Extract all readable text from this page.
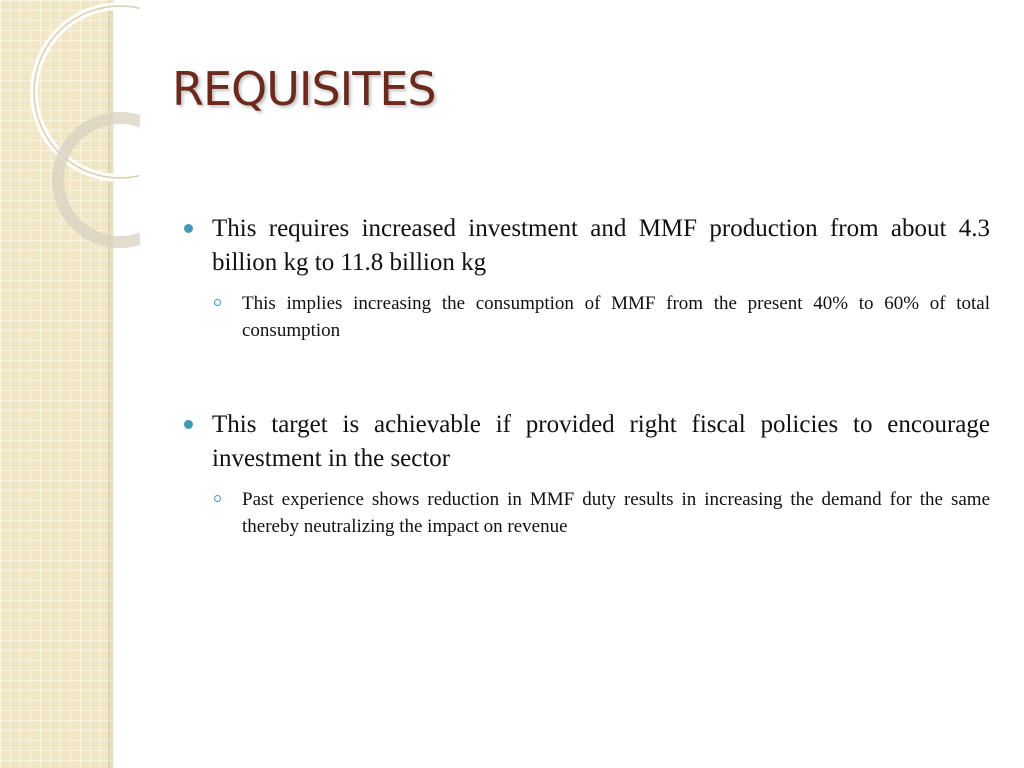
REQUISITES

This requires increased investment and MMF production from about 4.3 billion kg to 11.8 billion kg

This implies increasing the consumption of MMF from the present 40% to 60% of total consumption

This target is achievable if provided right fiscal policies to encourage investment in the sector

Past experience shows reduction in MMF duty results in increasing the demand for the same thereby neutralizing the impact on revenue
